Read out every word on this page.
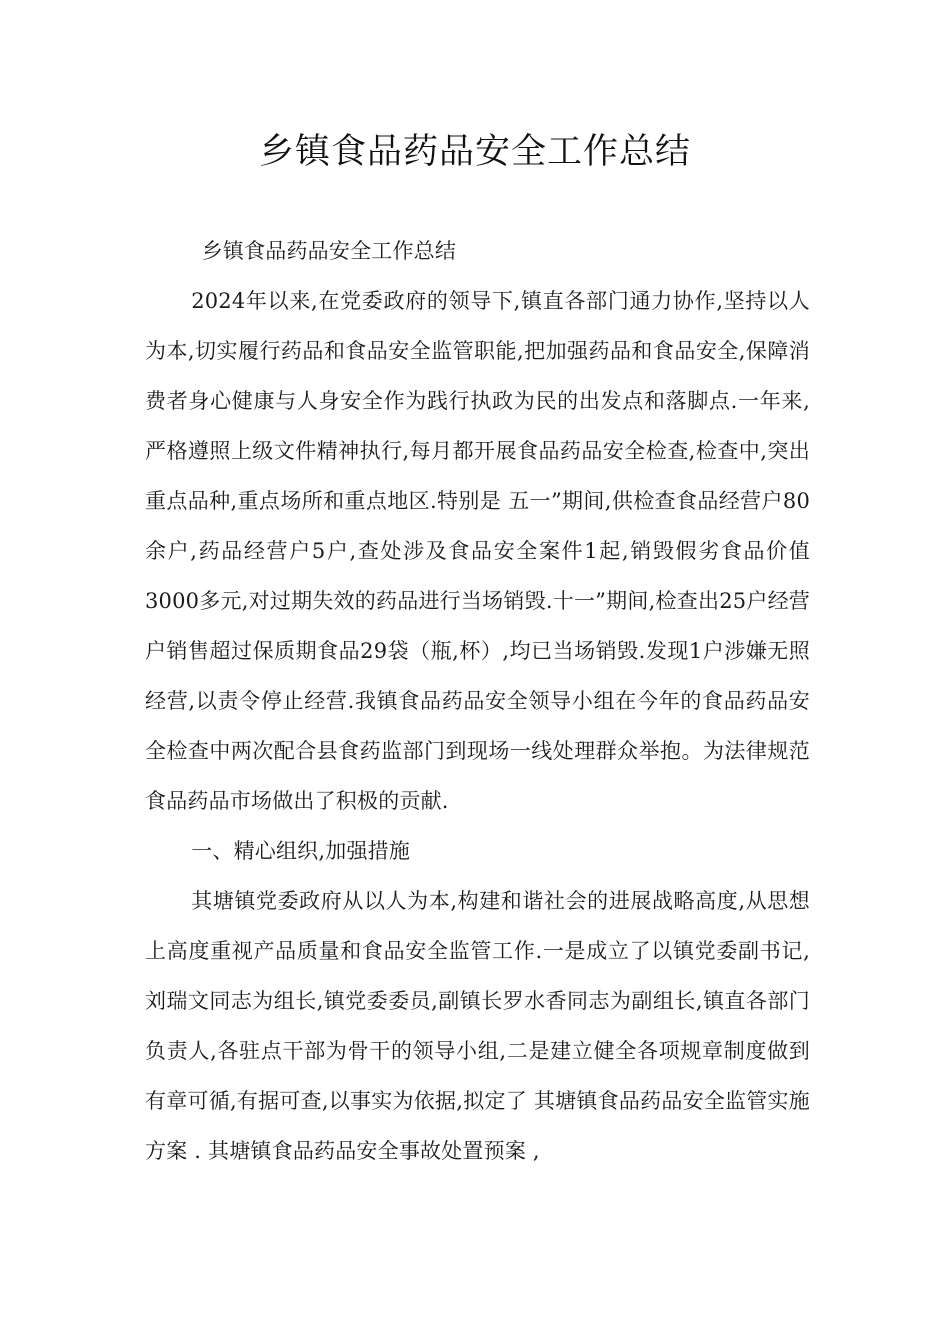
乡镇食品药品安全工作总结

乡镇食品药品安全工作总结

2024年以来,在党委政府的领导下,镇直各部门通力协作,坚持以人为本,切实履行药品和食品安全监管职能,把加强药品和食品安全,保障消费者身心健康与人身安全作为践行执政为民的出发点和落脚点.一年来,严格遵照上级文件精神执行,每月都开展食品药品安全检查,检查中,突出重点品种,重点场所和重点地区.特别是 五一”期间,供检查食品经营户80余户,药品经营户5户,查处涉及食品安全案件1起,销毁假劣食品价值3000多元,对过期失效的药品进行当场销毁.十一”期间,检查出25户经营户销售超过保质期食品29袋（瓶,杯）,均已当场销毁.发现1户涉嫌无照经营,以责令停止经营.我镇食品药品安全领导小组在今年的食品药品安全检查中两次配合县食药监部门到现场一线处理群众举抱。为法律规范食品药品市场做出了积极的贡献.

一、精心组织,加强措施

其塘镇党委政府从以人为本,构建和谐社会的进展战略高度,从思想上高度重视产品质量和食品安全监管工作.一是成立了以镇党委副书记,刘瑞文同志为组长,镇党委委员,副镇长罗水香同志为副组长,镇直各部门负责人,各驻点干部为骨干的领导小组,二是建立健全各项规章制度做到有章可循,有据可查,以事实为依据,拟定了 其塘镇食品药品安全监管实施方案 . 其塘镇食品药品安全事故处置预案 ,
